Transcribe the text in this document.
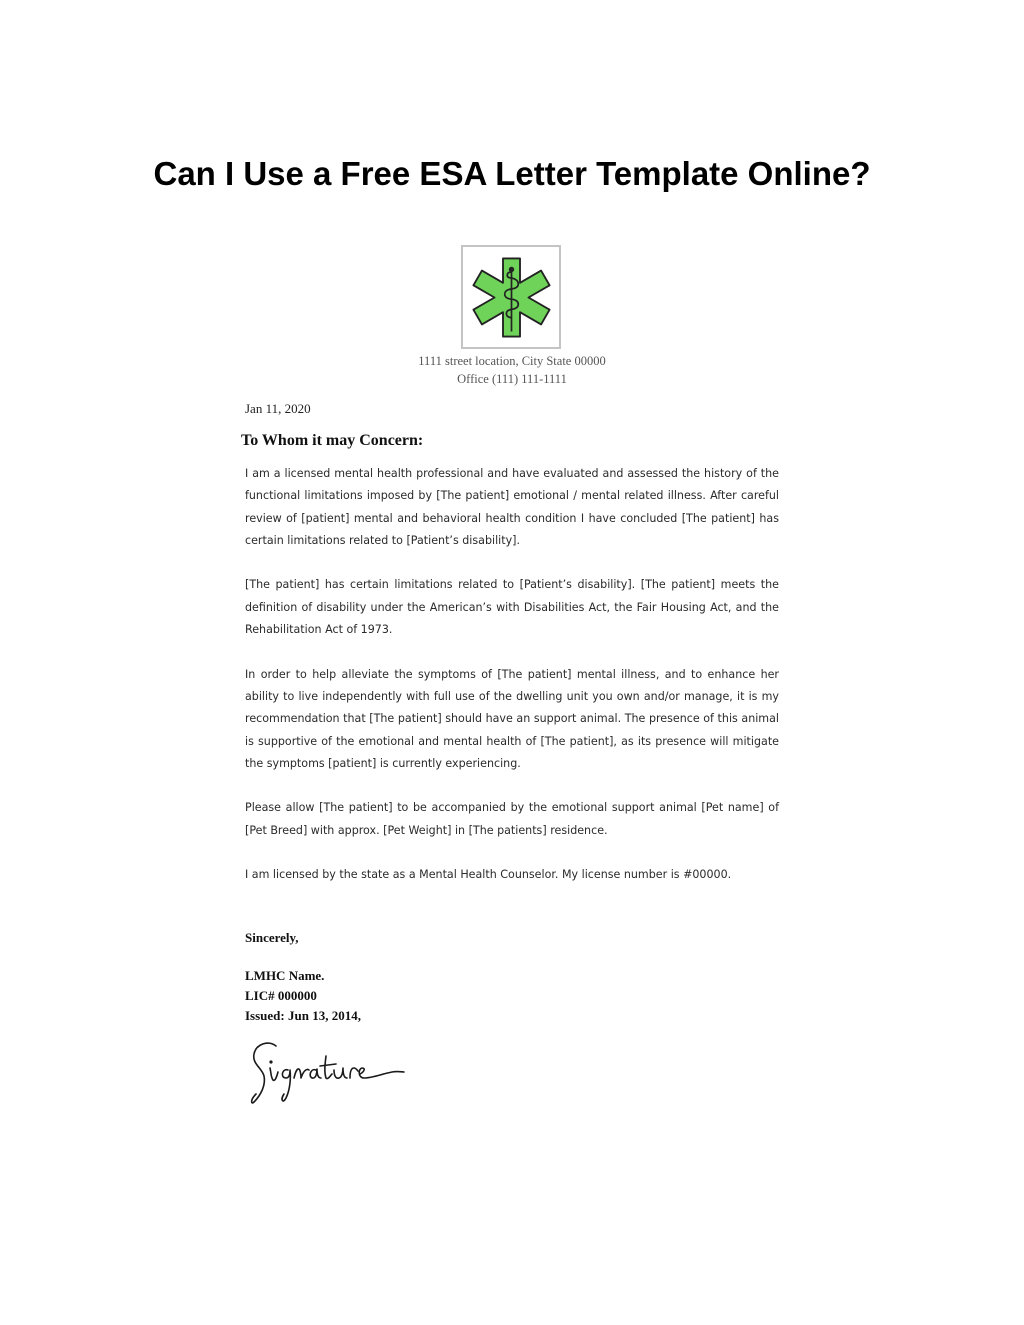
Can I Use a Free ESA Letter Template Online?
1111 street location, City State 00000
Office (111) 111-1111
Jan 11, 2020
To Whom it may Concern:

I am a licensed mental health professional and have evaluated and assessed the history of the functional limitations imposed by [The patient] emotional / mental related illness. After careful review of [patient] mental and behavioral health condition I have concluded [The patient] has certain limitations related to [Patient’s disability].

[The patient] has certain limitations related to [Patient’s disability]. [The patient] meets the definition of disability under the American’s with Disabilities Act, the Fair Housing Act, and the Rehabilitation Act of 1973.

In order to help alleviate the symptoms of [The patient] mental illness, and to enhance her ability to live independently with full use of the dwelling unit you own and/or manage, it is my recommendation that [The patient] should have an support animal. The presence of this animal is supportive of the emotional and mental health of [The patient], as its presence will mitigate the symptoms [patient] is currently experiencing.

Please allow [The patient] to be accompanied by the emotional support animal [Pet name] of [Pet Breed] with approx. [Pet Weight] in [The patients] residence.

I am licensed by the state as a Mental Health Counselor. My license number is #00000.

Sincerely,
LMHC Name.
LIC# 000000
Issued: Jun 13, 2014,
